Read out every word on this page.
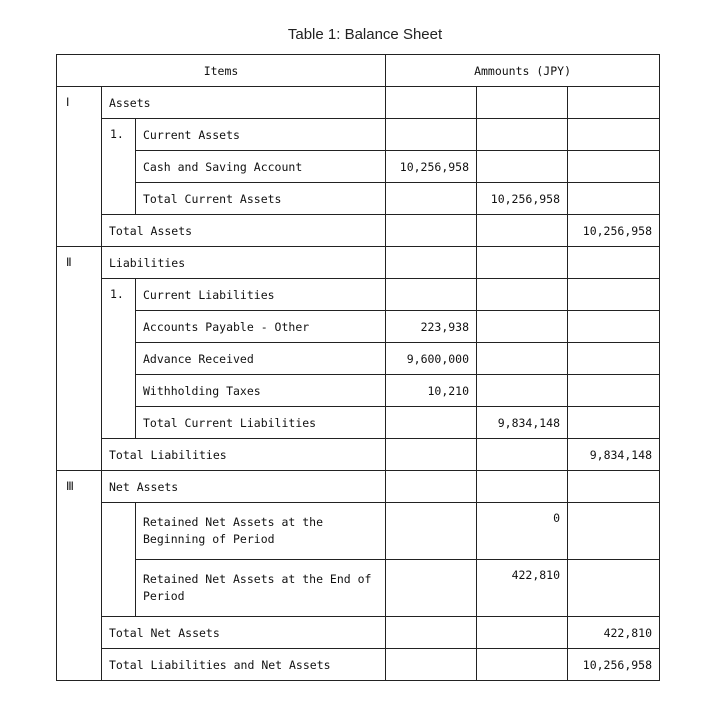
Table 1: Balance Sheet
Items			Ammounts (JPY)		
Ⅰ	Assets				
	1.	Current Assets			
		Cash and Saving Account	10,256,958		
		Total Current Assets		10,256,958	
	Total Assets				10,256,958
Ⅱ	Liabilities				
	1.	Current Liabilities			
		Accounts Payable - Other	223,938		
		Advance Received	9,600,000		
		Withholding Taxes	10,210		
		Total Current Liabilities		9,834,148	
	Total Liabilities				9,834,148
Ⅲ	Net Assets				
		Retained Net Assets at the Beginning of Period		0	
		Retained Net Assets at the End of Period		422,810	
	Total Net Assets				422,810
	Total Liabilities and Net Assets				10,256,958
